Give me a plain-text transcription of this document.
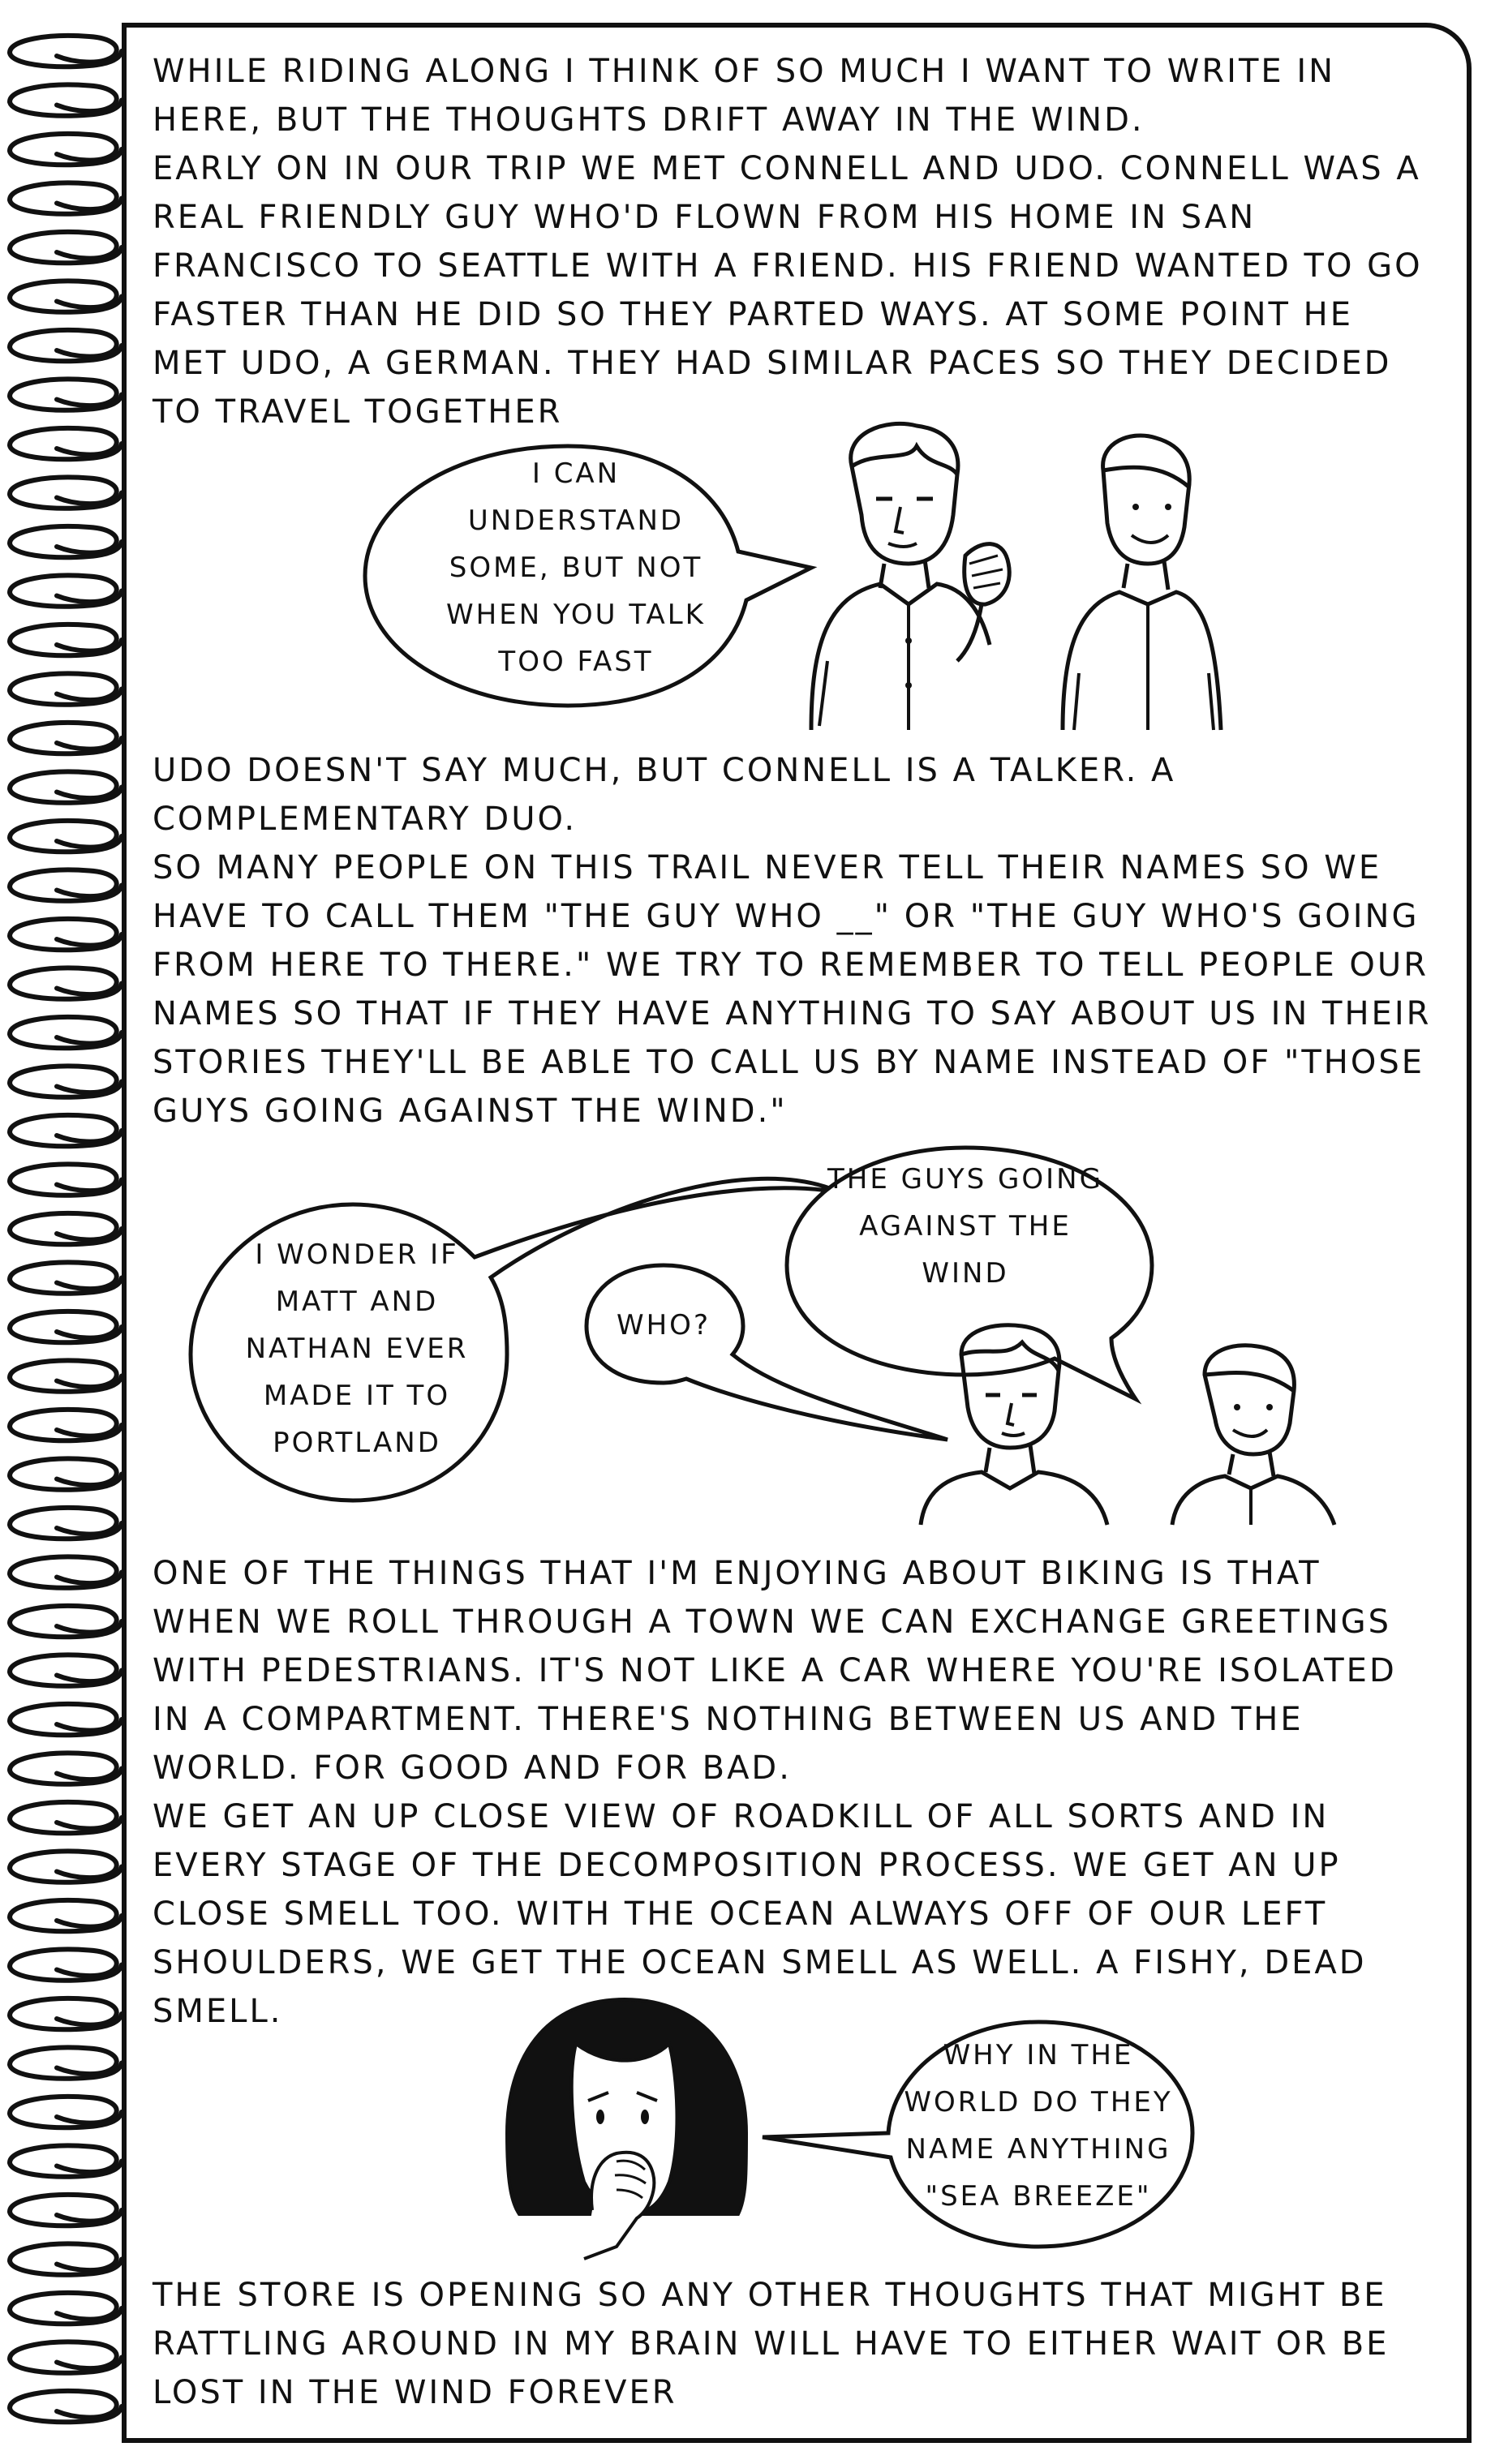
WHILE RIDING ALONG I THINK OF SO MUCH I WANT TO WRITE IN HERE, BUT THE THOUGHTS DRIFT AWAY IN THE WIND.

EARLY ON IN OUR TRIP WE MET CONNELL AND UDO. CONNELL WAS A REAL FRIENDLY GUY WHO'D FLOWN FROM HIS HOME IN SAN FRANCISCO TO SEATTLE WITH A FRIEND. HIS FRIEND WANTED TO GO FASTER THAN HE DID SO THEY PARTED WAYS. AT SOME POINT HE MET UDO, A GERMAN. THEY HAD SIMILAR PACES SO THEY DECIDED TO TRAVEL TOGETHER

I CAN
UNDERSTAND
SOME, BUT NOT
WHEN YOU TALK
TOO FAST

UDO DOESN'T SAY MUCH, BUT CONNELL IS A TALKER. A COMPLEMENTARY DUO.

SO MANY PEOPLE ON THIS TRAIL NEVER TELL THEIR NAMES SO WE HAVE TO CALL THEM "THE GUY WHO __" OR "THE GUY WHO'S GOING FROM HERE TO THERE." WE TRY TO REMEMBER TO TELL PEOPLE OUR NAMES SO THAT IF THEY HAVE ANYTHING TO SAY ABOUT US IN THEIR STORIES THEY'LL BE ABLE TO CALL US BY NAME INSTEAD OF "THOSE GUYS GOING AGAINST THE WIND."

I WONDER IF
MATT AND
NATHAN EVER
MADE IT TO
PORTLAND

WHO?

THE GUYS GOING
AGAINST THE
WIND

ONE OF THE THINGS THAT I'M ENJOYING ABOUT BIKING IS THAT WHEN WE ROLL THROUGH A TOWN WE CAN EXCHANGE GREETINGS WITH PEDESTRIANS. IT'S NOT LIKE A CAR WHERE YOU'RE ISOLATED IN A COMPARTMENT. THERE'S NOTHING BETWEEN US AND THE WORLD. FOR GOOD AND FOR BAD.

WE GET AN UP CLOSE VIEW OF ROADKILL OF ALL SORTS AND IN EVERY STAGE OF THE DECOMPOSITION PROCESS. WE GET AN UP CLOSE SMELL TOO. WITH THE OCEAN ALWAYS OFF OF OUR LEFT SHOULDERS, WE GET THE OCEAN SMELL AS WELL. A FISHY, DEAD SMELL.

WHY IN THE
WORLD DO THEY
NAME ANYTHING
"SEA BREEZE"

THE STORE IS OPENING SO ANY OTHER THOUGHTS THAT MIGHT BE RATTLING AROUND IN MY BRAIN WILL HAVE TO EITHER WAIT OR BE LOST IN THE WIND FOREVER
